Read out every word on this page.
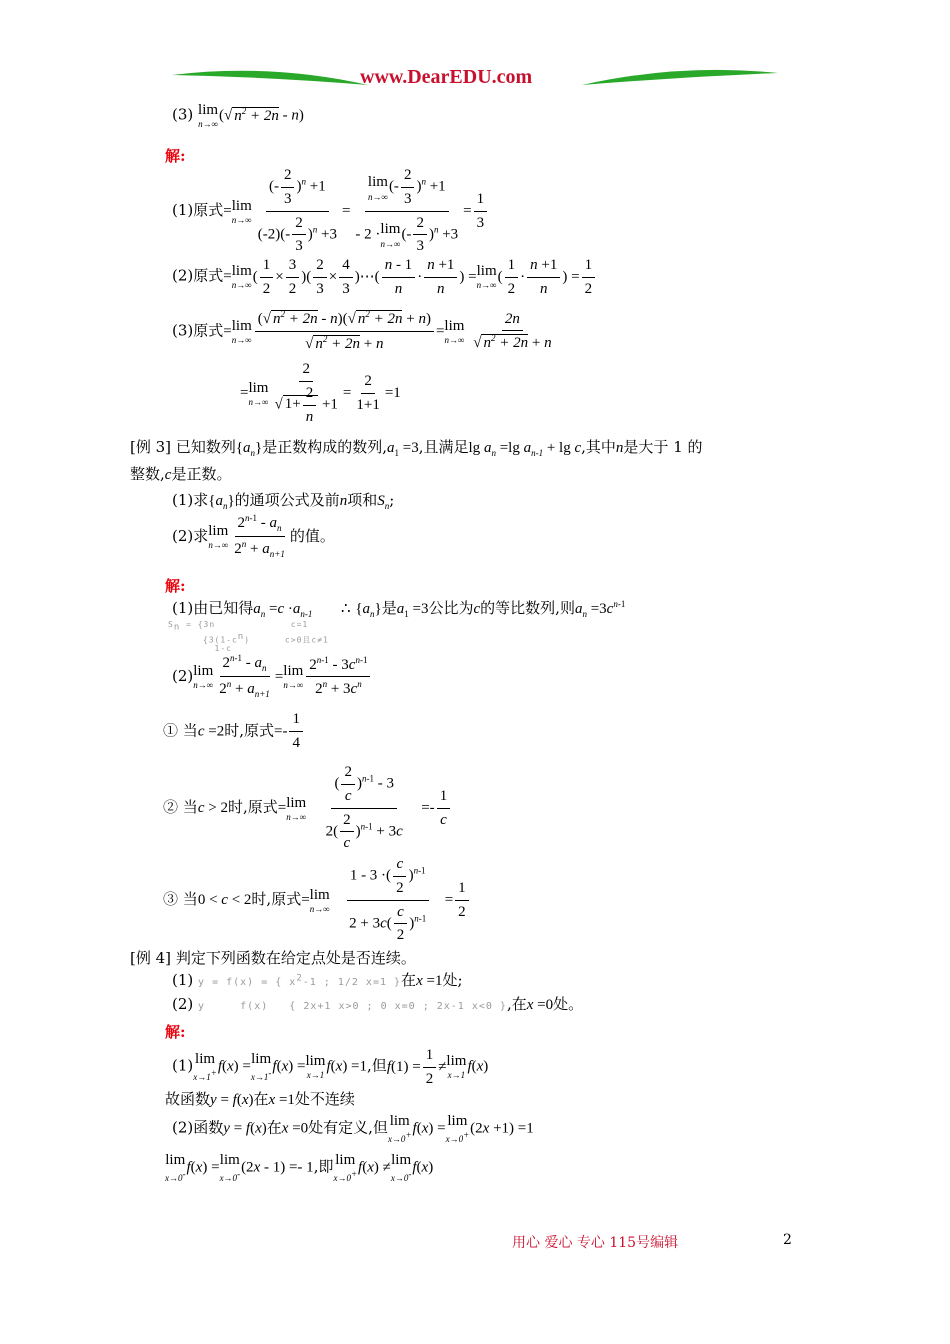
www.DearEDU.com
(3) lim
n→∞
(√ $n^2 + 2n - n$)
解:
(1)原式=lim
$n\to\infty \frac{(- \frac{2}{3} )^n +1}{(-2)(- \frac{2}{3} )^n +3} = \lim$
n→∞
(- $\frac{2}{3} )^n +1$
- 2 ·lim
n→∞
(- $\frac{2}{3} )^n +3 = \frac{1}{3}$
(2)原式=lim
n→∞
( $\frac{1}{2} \times \frac{3}{2}$ )( $\frac{2}{3} \times \frac{4}{3}$ )⋯( $\frac{n - 1}{n} \cdot \frac{n +1}{n}$ ) =lim
n→∞
( $\frac{1}{2} \cdot \frac{n +1}{n}$ ) = $\frac{1}{2}$
(3)原式=lim
$n\to\infty \frac{(√ n^2 + 2n - n)(√ n^2 + 2n + n)}{√ n^2 + 2n + n} =\lim$
$n\to\infty \frac{2n}{√ n^2 + 2n + n}$
=lim
$n\to\infty \frac{2}{√ 1+ \frac{2}{n} +1} = \frac{2}{1+1} =1$
[例 3] 已知数列$\{a_n\}$是正数构成的数列$,a_1 =3$,且满足$\lg a_n =\lg$ $a_{n-1} + \lg c$,其中n是大于 1 的
整数,c是正数。
(1)求$\{a_n\}$的通项公式及前n项和$S_n$;
(2)求lim
$n\to\infty \frac{2^{n-1} - a_n}{2^n + a_{n+1}}$ 的值。
解:
(1)由已知得$a_n =c \cdot a_{n-1}$ ∴ $\{a_n\}$是$a_1 =3$公比为c的等比数列,则$a_n =3c^{n-1}$
$S_n = \{3n$             c=1
{$3(1-c^n)$      c>0且c≠1
1-c
(2)lim
$n\to\infty \frac{2^{n-1} - a_n}{2^n + a_{n+1}} =\lim$
$n\to\infty \frac{2^{n-1} - 3c^{n-1}}{2^n + 3c^n}$
① 当c =2时,原式=- $\frac{1}{4}$
② 当c > 2时,原式=lim
$n\to\infty \frac{( \frac{2}{c} )^{n-1} - 3}{2( \frac{2}{c} )^{n-1} + 3c} =- \frac{1}{c}$
③ 当0 < c < 2时,原式=lim
$n\to\infty \frac{1 - 3 \cdot( \frac{c}{2} )^{n-1}}{2 + 3c( \frac{c}{2} )^{n-1}} = \frac{1}{2}$
[例 4] 判定下列函数在给定点处是否连续。
(1) y = f(x) = { $x^2-1$ ; 1/2 x=1 }在x =1处;
(2) y     f(x)   { 2x+1 x>0 ; 0 x=0 ; 2x-1 x<0 },在x =0处。
解:
(1) lim
x→1+ f(x) =lim
x→1- f(x) =lim
x→1
f(x) =1,但$f(1) = \frac{1}{2} \ne\lim$
x→1
f(x)
故函数y = f(x)在x =1处不连续
(2)函数y = f(x)在x =0处有定义,但 lim
x→0+ f(x) = lim
x→0+ (2x +1) =1
lim
x→0- f(x) =lim
x→0- (2x - 1) =- 1,即 lim
x→0+ f(x) ≠lim
x→0- f(x)
用心 爱心 专心 115号编辑	2
